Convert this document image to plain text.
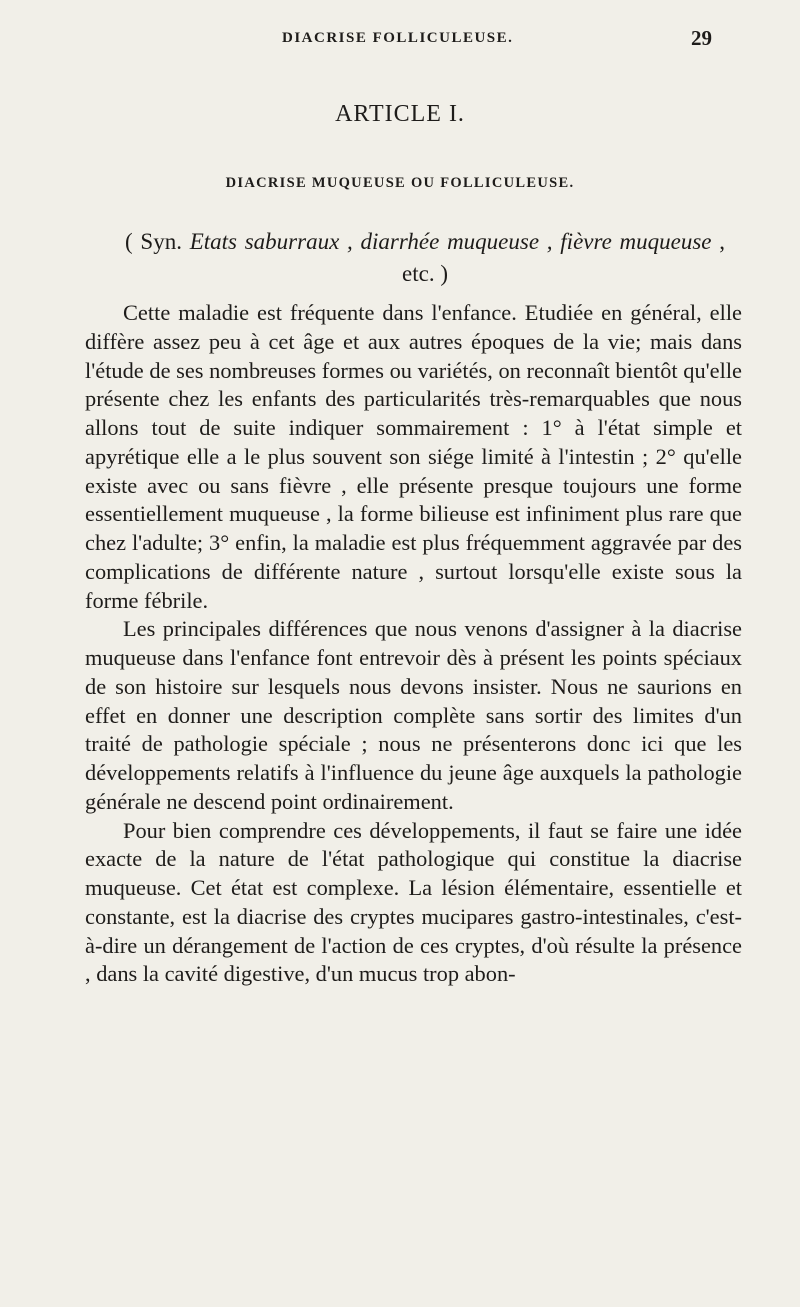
DIACRISE FOLLICULEUSE.	29
ARTICLE I.
DIACRISE MUQUEUSE OU FOLLICULEUSE.
( Syn. Etats saburraux , diarrhée muqueuse , fièvre muqueuse , etc. )

Cette maladie est fréquente dans l'enfance. Etudiée en général, elle diffère assez peu à cet âge et aux autres époques de la vie; mais dans l'étude de ses nombreuses formes ou variétés, on reconnaît bientôt qu'elle présente chez les enfants des particularités très-remarquables que nous allons tout de suite indiquer sommairement : 1° à l'état simple et apyrétique elle a le plus souvent son siége limité à l'intestin ; 2° qu'elle existe avec ou sans fièvre , elle présente presque toujours une forme essentiellement muqueuse , la forme bilieuse est infiniment plus rare que chez l'adulte; 3° enfin, la maladie est plus fréquemment aggravée par des complications de différente nature , surtout lorsqu'elle existe sous la forme fébrile.

Les principales différences que nous venons d'assigner à la diacrise muqueuse dans l'enfance font entrevoir dès à présent les points spéciaux de son histoire sur lesquels nous devons insister. Nous ne saurions en effet en donner une description complète sans sortir des limites d'un traité de pathologie spéciale ; nous ne présenterons donc ici que les développements relatifs à l'influence du jeune âge auxquels la pathologie générale ne descend point ordinairement.

Pour bien comprendre ces développements, il faut se faire une idée exacte de la nature de l'état pathologique qui constitue la diacrise muqueuse. Cet état est complexe. La lésion élémentaire, essentielle et constante, est la diacrise des cryptes mucipares gastro-intestinales, c'est-à-dire un dérangement de l'action de ces cryptes, d'où résulte la présence , dans la cavité digestive, d'un mucus trop abon-
